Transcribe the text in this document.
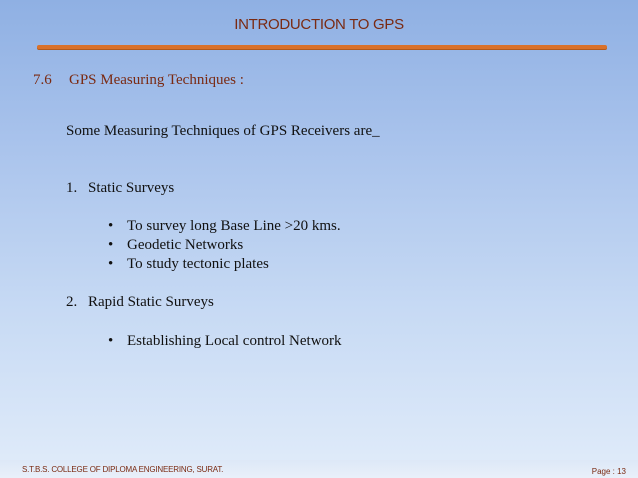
INTRODUCTION TO GPS
7.6 GPS Measuring Techniques :
Some Measuring Techniques of GPS Receivers are_
1. Static Surveys
• To survey long Base Line >20 kms.
• Geodetic Networks
• To study tectonic plates
2. Rapid Static Surveys
• Establishing Local control Network
S.T.B.S. COLLEGE OF DIPLOMA ENGINEERING, SURAT.	Page : 13
